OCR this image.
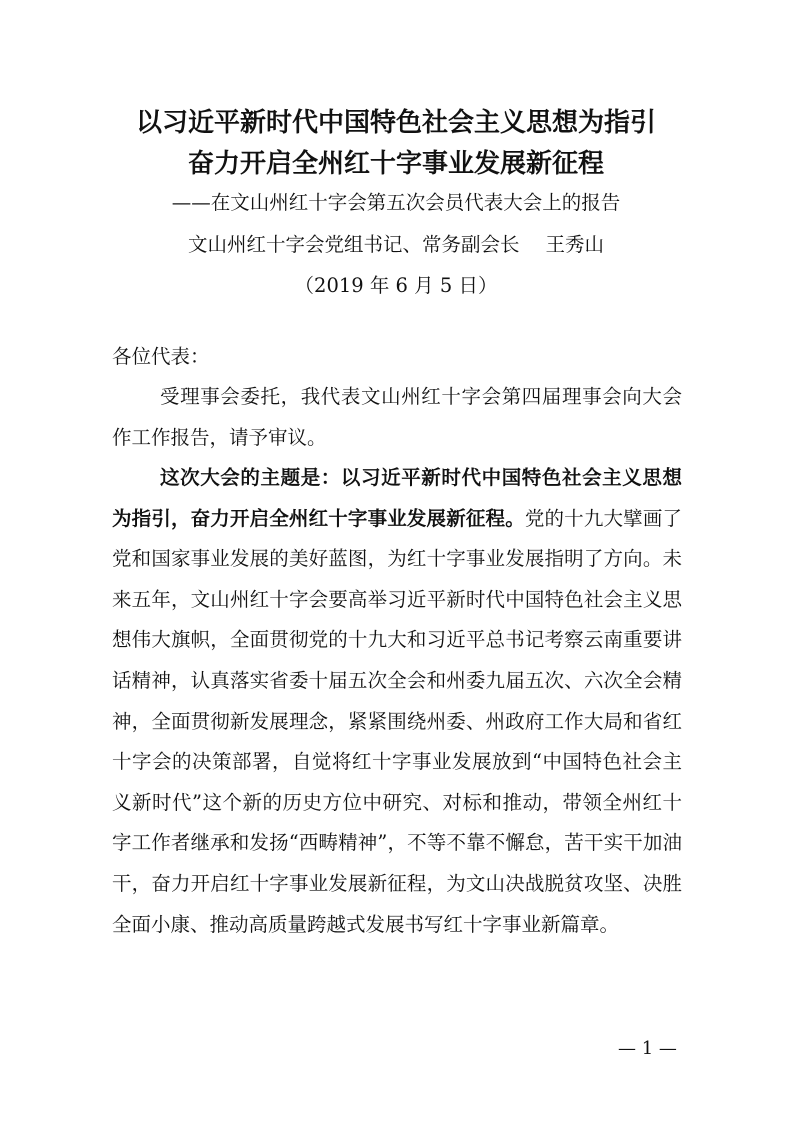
以习近平新时代中国特色社会主义思想为指引
奋力开启全州红十字事业发展新征程
——在文山州红十字会第五次会员代表大会上的报告
文山州红十字会党组书记、常务副会长 王秀山
（2019 年 6 月 5 日）
各位代表：
受理事会委托，我代表文山州红十字会第四届理事会向大会作工作报告，请予审议。
这次大会的主题是：以习近平新时代中国特色社会主义思想为指引，奋力开启全州红十字事业发展新征程。党的十九大擘画了党和国家事业发展的美好蓝图，为红十字事业发展指明了方向。未来五年，文山州红十字会要高举习近平新时代中国特色社会主义思想伟大旗帜，全面贯彻党的十九大和习近平总书记考察云南重要讲话精神，认真落实省委十届五次全会和州委九届五次、六次全会精神，全面贯彻新发展理念，紧紧围绕州委、州政府工作大局和省红十字会的决策部署，自觉将红十字事业发展放到“中国特色社会主义新时代”这个新的历史方位中研究、对标和推动，带领全州红十字工作者继承和发扬“西畴精神”，不等不靠不懈怠，苦干实干加油干，奋力开启红十字事业发展新征程，为文山决战脱贫攻坚、决胜全面小康、推动高质量跨越式发展书写红十字事业新篇章。
— 1 —
